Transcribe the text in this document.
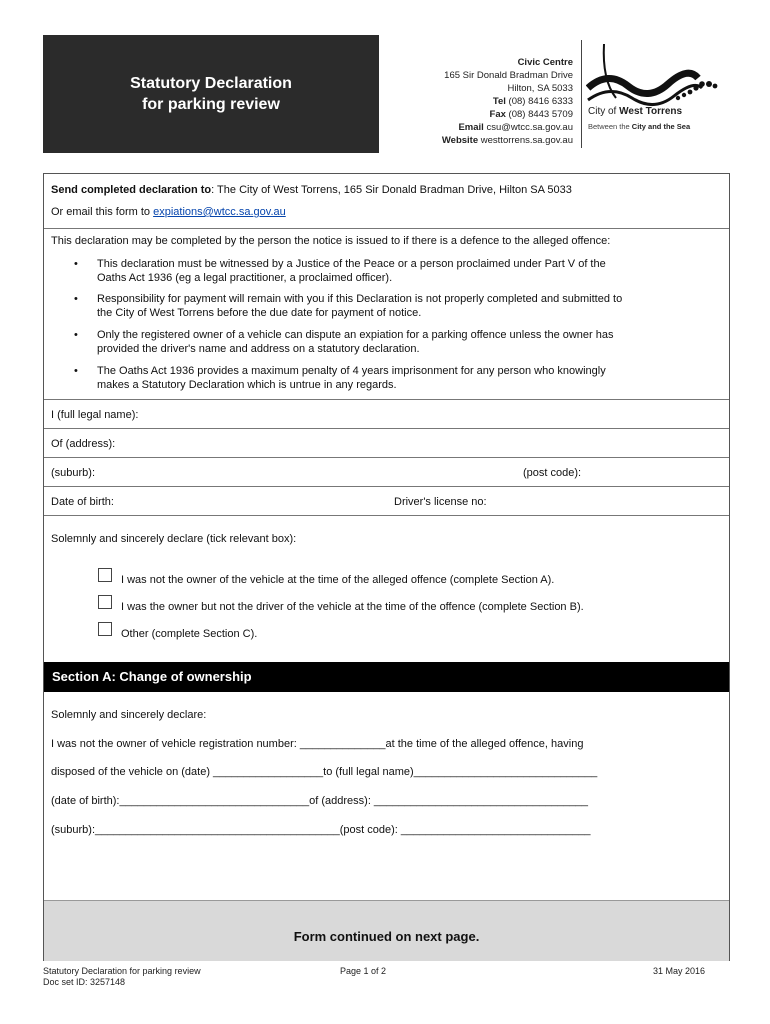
Statutory Declaration
for parking review
Civic Centre
165 Sir Donald Bradman Drive
Hilton, SA 5033
Tel (08) 8416 6333
Fax (08) 8443 5709
Email csu@wtcc.sa.gov.au
Website westtorrens.sa.gov.au
City of West Torrens
Between the City and the Sea
Send completed declaration to: The City of West Torrens, 165 Sir Donald Bradman Drive, Hilton SA 5033
Or email this form to expiations@wtcc.sa.gov.au
This declaration may be completed by the person the notice is issued to if there is a defence to the alleged offence:
• This declaration must be witnessed by a Justice of the Peace or a person proclaimed under Part V of the
Oaths Act 1936 (eg a legal practitioner, a proclaimed officer).
• Responsibility for payment will remain with you if this Declaration is not properly completed and submitted to
the City of West Torrens before the due date for payment of notice.
• Only the registered owner of a vehicle can dispute an expiation for a parking offence unless the owner has
provided the driver's name and address on a statutory declaration.
• The Oaths Act 1936 provides a maximum penalty of 4 years imprisonment for any person who knowingly
makes a Statutory Declaration which is untrue in any regards.
I (full legal name):
Of (address):
(suburb):	(post code):
Date of birth:	Driver's license no:
Solemnly and sincerely declare (tick relevant box):
I was not the owner of the vehicle at the time of the alleged offence (complete Section A).
I was the owner but not the driver of the vehicle at the time of the offence (complete Section B).
Other (complete Section C).
Section A: Change of ownership
Solemnly and sincerely declare:
I was not the owner of vehicle registration number: ______________at the time of the alleged offence, having
disposed of the vehicle on (date) __________________to (full legal name)______________________________
(date of birth):_______________________________of (address): ___________________________________
(suburb):________________________________________(post code): _______________________________
Form continued on next page.
Statutory Declaration for parking review
Doc set ID: 3257148
Page 1 of 2	31 May 2016
